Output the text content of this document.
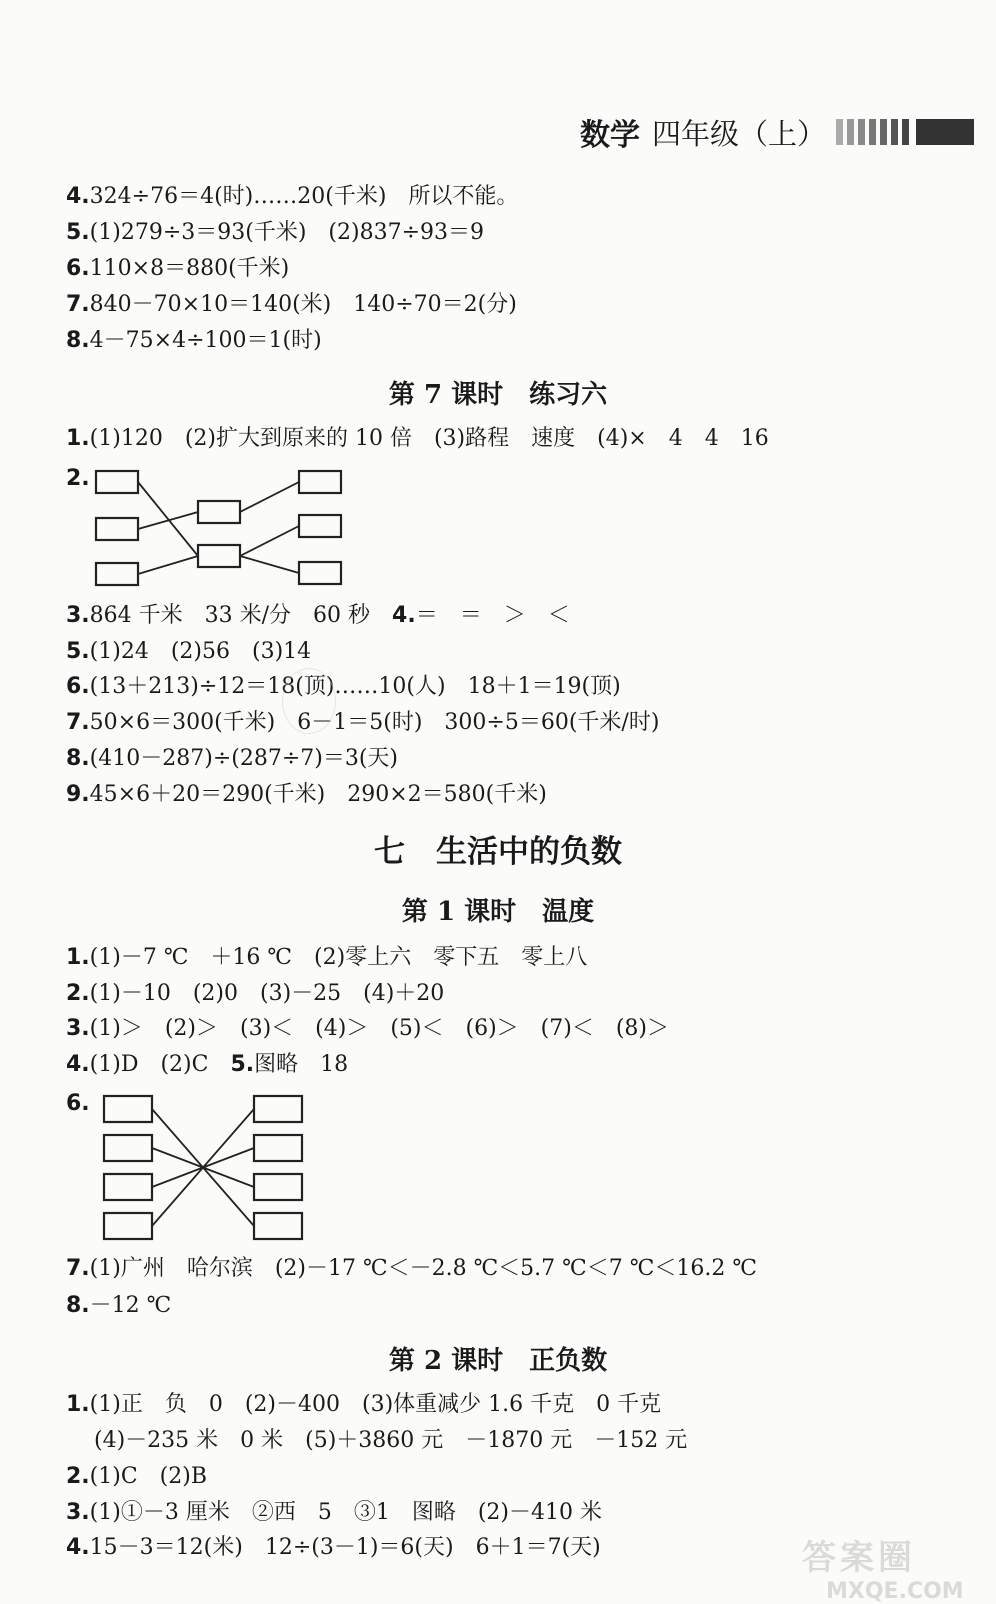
数学 四年级（上）
4.324÷76＝4(时)……20(千米)　所以不能。
5.(1)279÷3＝93(千米)　(2)837÷93＝9
6.110×8＝880(千米)
7.840－70×10＝140(米)　140÷70＝2(分)
8.4－75×4÷100＝1(时)
第 7 课时　练习六
1.(1)120　(2)扩大到原来的 10 倍　(3)路程　速度　(4)×　4　4　16
2.
3.864 千米　33 米/分　60 秒　4.＝　＝　＞　＜
5.(1)24　(2)56　(3)14
6.(13＋213)÷12＝18(顶)……10(人)　18＋1＝19(顶)
7.50×6＝300(千米)　6－1＝5(时)　300÷5＝60(千米/时)
8.(410－287)÷(287÷7)＝3(天)
9.45×6＋20＝290(千米)　290×2＝580(千米)
七　生活中的负数
第 1 课时　温度
1.(1)－7 ℃　＋16 ℃　(2)零上六　零下五　零上八
2.(1)－10　(2)0　(3)－25　(4)＋20
3.(1)＞　(2)＞　(3)＜　(4)＞　(5)＜　(6)＞　(7)＜　(8)＞
4.(1)D　(2)C　5.图略　18
6.
7.(1)广州　哈尔滨　(2)－17 ℃＜－2.8 ℃＜5.7 ℃＜7 ℃＜16.2 ℃
8.－12 ℃
第 2 课时　正负数
1.(1)正　负　0　(2)－400　(3)体重减少 1.6 千克　0 千克
(4)－235 米　0 米　(5)＋3860 元　－1870 元　－152 元
2.(1)C　(2)B
3.(1)①－3 厘米　②西　5　③1　图略　(2)－410 米
4.15－3＝12(米)　12÷(3－1)＝6(天)　6＋1＝7(天)	答案圈
MXQE.COM
